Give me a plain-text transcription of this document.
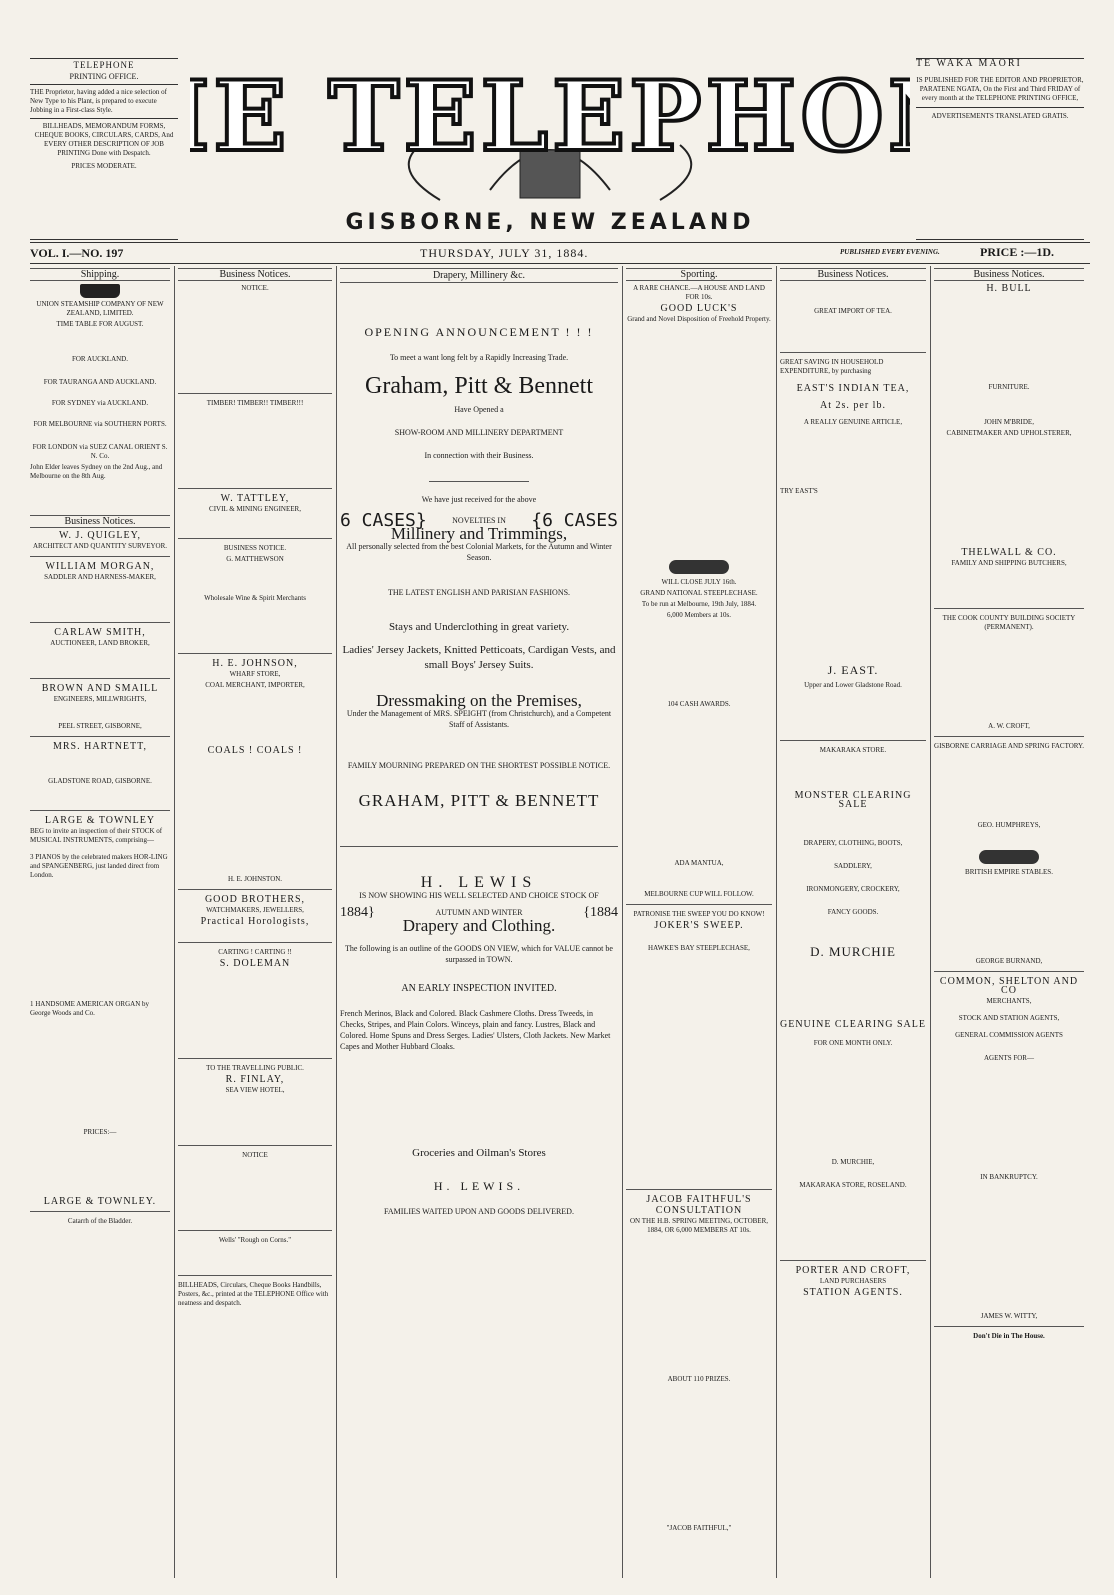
TELEPHONE
PRINTING OFFICE.
THE Proprietor, having added a nice selection of New Type to his Plant, is prepared to execute Jobbing in a First-class Style.
BILLHEADS, MEMORANDUM FORMS, CHEQUE BOOKS, CIRCULARS, CARDS, And EVERY OTHER DESCRIPTION OF JOB PRINTING Done with Despatch.
PRICES MODERATE. E TELEPHO
GISBORNE, NEW ZEALAND
TE WAKA MAORI
IS PUBLISHED FOR THE EDITOR AND PROPRIETOR, PARATENE NGATA, On the First and Third FRIDAY of every month at the TELEPHONE PRINTING OFFICE,
ADVERTISEMENTS TRANSLATED GRATIS.
VOL. I.—NO. 197	THURSDAY, JULY 31, 1884.	PUBLISHED EVERY EVENING.	PRICE :—1D.
Shipping.

UNION STEAMSHIP COMPANY OF NEW ZEALAND, LIMITED.

TIME TABLE FOR AUGUST.

FOR AUCKLAND.

FOR TAURANGA AND AUCKLAND.

FOR SYDNEY via AUCKLAND.

FOR MELBOURNE via SOUTHERN PORTS.

FOR LONDON via SUEZ CANAL ORIENT S. N. Co.

John Elder leaves Sydney on the 2nd Aug., and Melbourne on the 8th Aug.

Business Notices.

W. J. QUIGLEY,

ARCHITECT AND QUANTITY SURVEYOR.

WILLIAM MORGAN,

SADDLER AND HARNESS-MAKER,

CARLAW SMITH,

AUCTIONEER, LAND BROKER,

BROWN AND SMAILL

ENGINEERS, MILLWRIGHTS,

PEEL STREET, GISBORNE,

MRS. HARTNETT,

GLADSTONE ROAD, GISBORNE.

LARGE & TOWNLEY

BEG to invite an inspection of their STOCK of MUSICAL INSTRUMENTS, comprising—

3 PIANOS by the celebrated makers HOR-LING and SPANGENBERG, just landed direct from London.

1 HANDSOME AMERICAN ORGAN by George Woods and Co.

PRICES:—

LARGE & TOWNLEY.

Catarrh of the Bladder.

Business Notices.

NOTICE.

TIMBER! TIMBER!! TIMBER!!!

W. TATTLEY,

CIVIL & MINING ENGINEER,

BUSINESS NOTICE.

G. MATTHEWSON

Wholesale Wine & Spirit Merchants

H. E. JOHNSON,

WHARF STORE,

COAL MERCHANT, IMPORTER,

COALS ! COALS !

H. E. JOHNSTON.

GOOD BROTHERS,

WATCHMAKERS, JEWELLERS,

Practical Horologists,

CARTING ! CARTING !!

S. DOLEMAN

TO THE TRAVELLING PUBLIC.

R. FINLAY,

SEA VIEW HOTEL,

NOTICE

Wells' "Rough on Corns."

BILLHEADS, Circulars, Cheque Books Handbills, Posters, &c., printed at the TELEPHONE Office with neatness and despatch.

Drapery, Millinery &c.

OPENING ANNOUNCEMENT ! ! !

To meet a want long felt by a Rapidly Increasing Trade.

Graham, Pitt & Bennett

Have Opened a

SHOW-ROOM AND MILLINERY DEPARTMENT

In connection with their Business.

We have just received for the above

6 CASES}	NOVELTIES IN {6 CASES

Millinery and Trimmings,

All personally selected from the best Colonial Markets, for the Autumn and Winter Season.

THE LATEST ENGLISH AND PARISIAN FASHIONS.

Stays and Underclothing in great variety.

Ladies' Jersey Jackets, Knitted Petticoats, Cardigan Vests, and small Boys' Jersey Suits.

Dressmaking on the Premises,

Under the Management of MRS. SPEIGHT (from Christchurch), and a Competent Staff of Assistants.

FAMILY MOURNING PREPARED ON THE SHORTEST POSSIBLE NOTICE.

GRAHAM, PITT & BENNETT

H. LEWIS

IS NOW SHOWING HIS WELL SELECTED AND CHOICE STOCK OF

1884}	AUTUMN AND WINTER	{1884

Drapery and Clothing.

The following is an outline of the GOODS ON VIEW, which for VALUE cannot be surpassed in TOWN.

AN EARLY INSPECTION INVITED.

French Merinos, Black and Colored. Black Cashmere Cloths. Dress Tweeds, in Checks, Stripes, and Plain Colors. Winceys, plain and fancy. Lustres, Black and Colored. Home Spuns and Dress Serges. Ladies' Ulsters, Cloth Jackets. New Market Capes and Mother Hubbard Cloaks.

Groceries and Oilman's Stores

H. LEWIS.

FAMILIES WAITED UPON AND GOODS DELIVERED.

Sporting.

A RARE CHANCE.—A HOUSE AND LAND FOR 10s.

GOOD LUCK'S

Grand and Novel Disposition of Freehold Property.

WILL CLOSE JULY 16th.

GRAND NATIONAL STEEPLECHASE.

To be run at Melbourne, 19th July, 1884.

6,000 Members at 10s.

104 CASH AWARDS.

ADA MANTUA,

MELBOURNE CUP WILL FOLLOW.

PATRONISE THE SWEEP YOU DO KNOW!

JOKER'S SWEEP.

HAWKE'S BAY STEEPLECHASE,

JACOB FAITHFUL'S

CONSULTATION

ON THE H.B. SPRING MEETING, OCTOBER, 1884, OR 6,000 MEMBERS AT 10s.

ABOUT 110 PRIZES.

"JACOB FAITHFUL,"

Business Notices.

GREAT IMPORT OF TEA.

GREAT SAVING IN HOUSEHOLD EXPENDITURE, by purchasing

EAST'S INDIAN TEA,

At 2s. per lb.

A REALLY GENUINE ARTICLE,

TRY EAST'S

J. EAST.

Upper and Lower Gladstone Road.

MAKARAKA STORE.

MONSTER CLEARING SALE

DRAPERY, CLOTHING, BOOTS,

SADDLERY,

IRONMONGERY, CROCKERY,

FANCY GOODS.

D. MURCHIE

GENUINE CLEARING SALE

FOR ONE MONTH ONLY.

D. MURCHIE,

MAKARAKA STORE, ROSELAND.

PORTER AND CROFT,

LAND PURCHASERS

STATION AGENTS.

Business Notices.

H. BULL

FURNITURE.

JOHN M'BRIDE,

CABINETMAKER AND UPHOLSTERER,

THELWALL & CO.

FAMILY AND SHIPPING BUTCHERS,

THE COOK COUNTY BUILDING SOCIETY (PERMANENT).

A. W. CROFT,

GISBORNE CARRIAGE AND SPRING FACTORY.

GEO. HUMPHREYS,

BRITISH EMPIRE STABLES.

GEORGE BURNAND,

COMMON, SHELTON AND CO

MERCHANTS,

STOCK AND STATION AGENTS,

GENERAL COMMISSION AGENTS

AGENTS FOR—

IN BANKRUPTCY.

JAMES W. WITTY,

Don't Die in The House.
